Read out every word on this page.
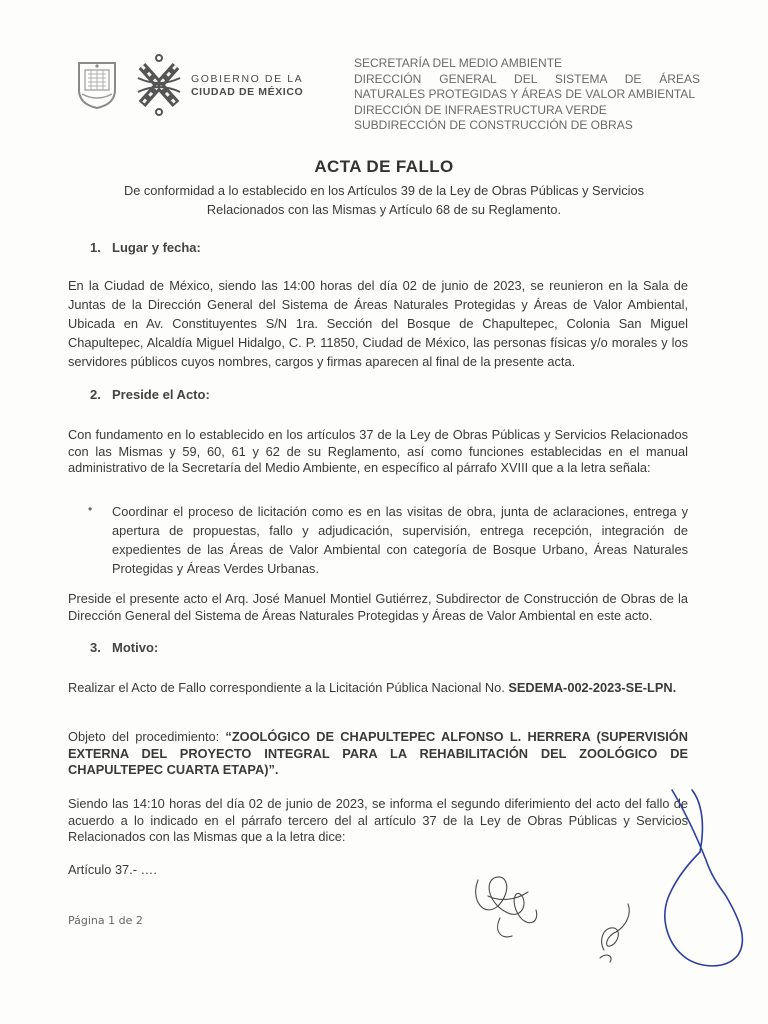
GOBIERNO DE LA
CIUDAD DE MÉXICO
SECRETARÍA DEL MEDIO AMBIENTE
DIRECCIÓN GENERAL DEL SISTEMA DE ÁREAS
NATURALES PROTEGIDAS Y ÁREAS DE VALOR AMBIENTAL
DIRECCIÓN DE INFRAESTRUCTURA VERDE
SUBDIRECCIÓN DE CONSTRUCCIÓN DE OBRAS
ACTA DE FALLO
De conformidad a lo establecido en los Artículos 39 de la Ley de Obras Públicas y Servicios Relacionados con las Mismas y Artículo 68 de su Reglamento.
1. Lugar y fecha:
En la Ciudad de México, siendo las 14:00 horas del día 02 de junio de 2023, se reunieron en la Sala de Juntas de la Dirección General del Sistema de Áreas Naturales Protegidas y Áreas de Valor Ambiental, Ubicada en Av. Constituyentes S/N 1ra. Sección del Bosque de Chapultepec, Colonia San Miguel Chapultepec, Alcaldía Miguel Hidalgo, C. P. 11850, Ciudad de México, las personas físicas y/o morales y los servidores públicos cuyos nombres, cargos y firmas aparecen al final de la presente acta.
2. Preside el Acto:
Con fundamento en lo establecido en los artículos 37 de la Ley de Obras Públicas y Servicios Relacionados con las Mismas y 59, 60, 61 y 62 de su Reglamento, así como funciones establecidas en el manual administrativo de la Secretaría del Medio Ambiente, en específico al párrafo XVIII que a la letra señala:
• Coordinar el proceso de licitación como es en las visitas de obra, junta de aclaraciones, entrega y apertura de propuestas, fallo y adjudicación, supervisión, entrega recepción, integración de expedientes de las Áreas de Valor Ambiental con categoría de Bosque Urbano, Áreas Naturales Protegidas y Áreas Verdes Urbanas.
Preside el presente acto el Arq. José Manuel Montiel Gutiérrez, Subdirector de Construcción de Obras de la Dirección General del Sistema de Áreas Naturales Protegidas y Áreas de Valor Ambiental en este acto.
3. Motivo:
Realizar el Acto de Fallo correspondiente a la Licitación Pública Nacional No. SEDEMA-002-2023-SE-LPN.
Objeto del procedimiento: “ZOOLÓGICO DE CHAPULTEPEC ALFONSO L. HERRERA (SUPERVISIÓN EXTERNA DEL PROYECTO INTEGRAL PARA LA REHABILITACIÓN DEL ZOOLÓGICO DE CHAPULTEPEC CUARTA ETAPA)”.
Siendo las 14:10 horas del día 02 de junio de 2023, se informa el segundo diferimiento del acto del fallo de acuerdo a lo indicado en el párrafo tercero del al artículo 37 de la Ley de Obras Públicas y Servicios Relacionados con las Mismas que a la letra dice:
Artículo 37.- ….
Página 1 de 2
